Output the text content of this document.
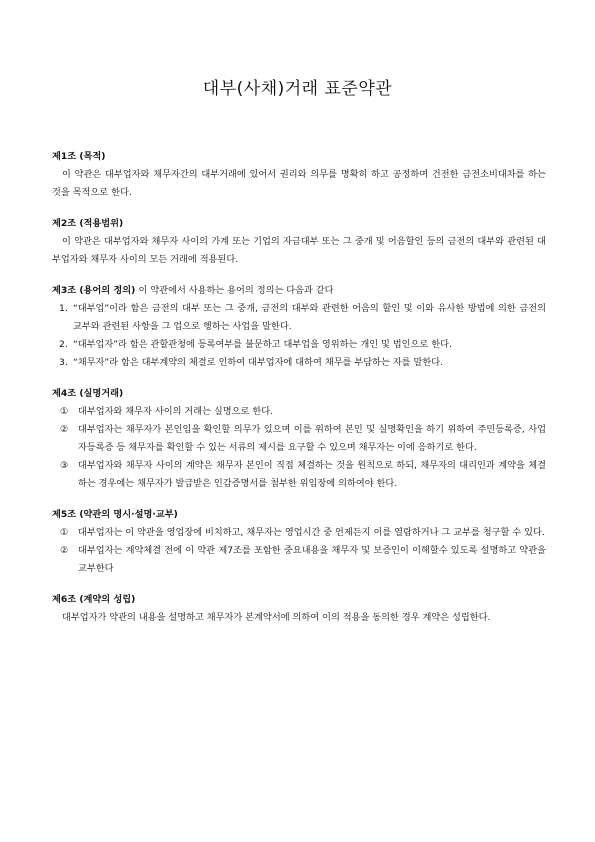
대부(사채)거래 표준약관
제1조 (목적)
이 약관은 대부업자와 채무자간의 대부거래에 있어서 권리와 의무를 명확히 하고 공정하며 건전한 금전소비대차를 하는 것을 목적으로 한다.
제2조 (적용범위)
이 약관은 대부업자와 채무자 사이의 가계 또는 기업의 자금대부 또는 그 중개 및 어음할인 등의 금전의 대부와 관련된 대부업자와 채무자 사이의 모든 거래에 적용된다.
제3조 (용어의 정의) 이 약관에서 사용하는 용어의 정의는 다음과 같다
1. “대부업”이라 함은 금전의 대부 또는 그 중개, 금전의 대부와 관련한 어음의 할인 및 이와 유사한 방법에 의한 금전의 교부와 관련된 사항을 그 업으로 행하는 사업을 말한다.
2. “대부업자”라 함은 관할관청에 등록여부를 불문하고 대부업을 영위하는 개인 및 법인으로 한다.
3. “채무자”라 함은 대부계약의 체결로 인하여 대부업자에 대하여 채무를 부담하는 자를 말한다.
제4조 (실명거래)
① 대부업자와 채무자 사이의 거래는 실명으로 한다.
② 대부업자는 채무자가 본인임을 확인할 의무가 있으며 이를 위하여 본인 및 실명확인을 하기 위하여 주민등록증, 사업자등록증 등 채무자를 확인할 수 있는 서류의 제시를 요구할 수 있으며 채무자는 이에 응하기로 한다.
③ 대부업자와 채무자 사이의 계약은 채무자 본인이 직접 체결하는 것을 원칙으로 하되, 채무자의 대리인과 계약을 체결하는 경우에는 채무자가 발급받은 인감증명서를 첨부한 위임장에 의하여야 한다.
제5조 (약관의 명시·설명·교부)
① 대부업자는 이 약관을 영업장에 비치하고, 채무자는 영업시간 중 언제든지 이를 열람하거나 그 교부를 청구할 수 있다.
② 대부업자는 계약체결 전에 이 약관 제7조를 포함한 중요내용을 채무자 및 보증인이 이해할수 있도록 설명하고 약관을 교부한다
제6조 (계약의 성립)
대부업자가 약관의 내용을 설명하고 채무자가 본계약서에 의하여 이의 적용을 동의한 경우 계약은 성립한다.
